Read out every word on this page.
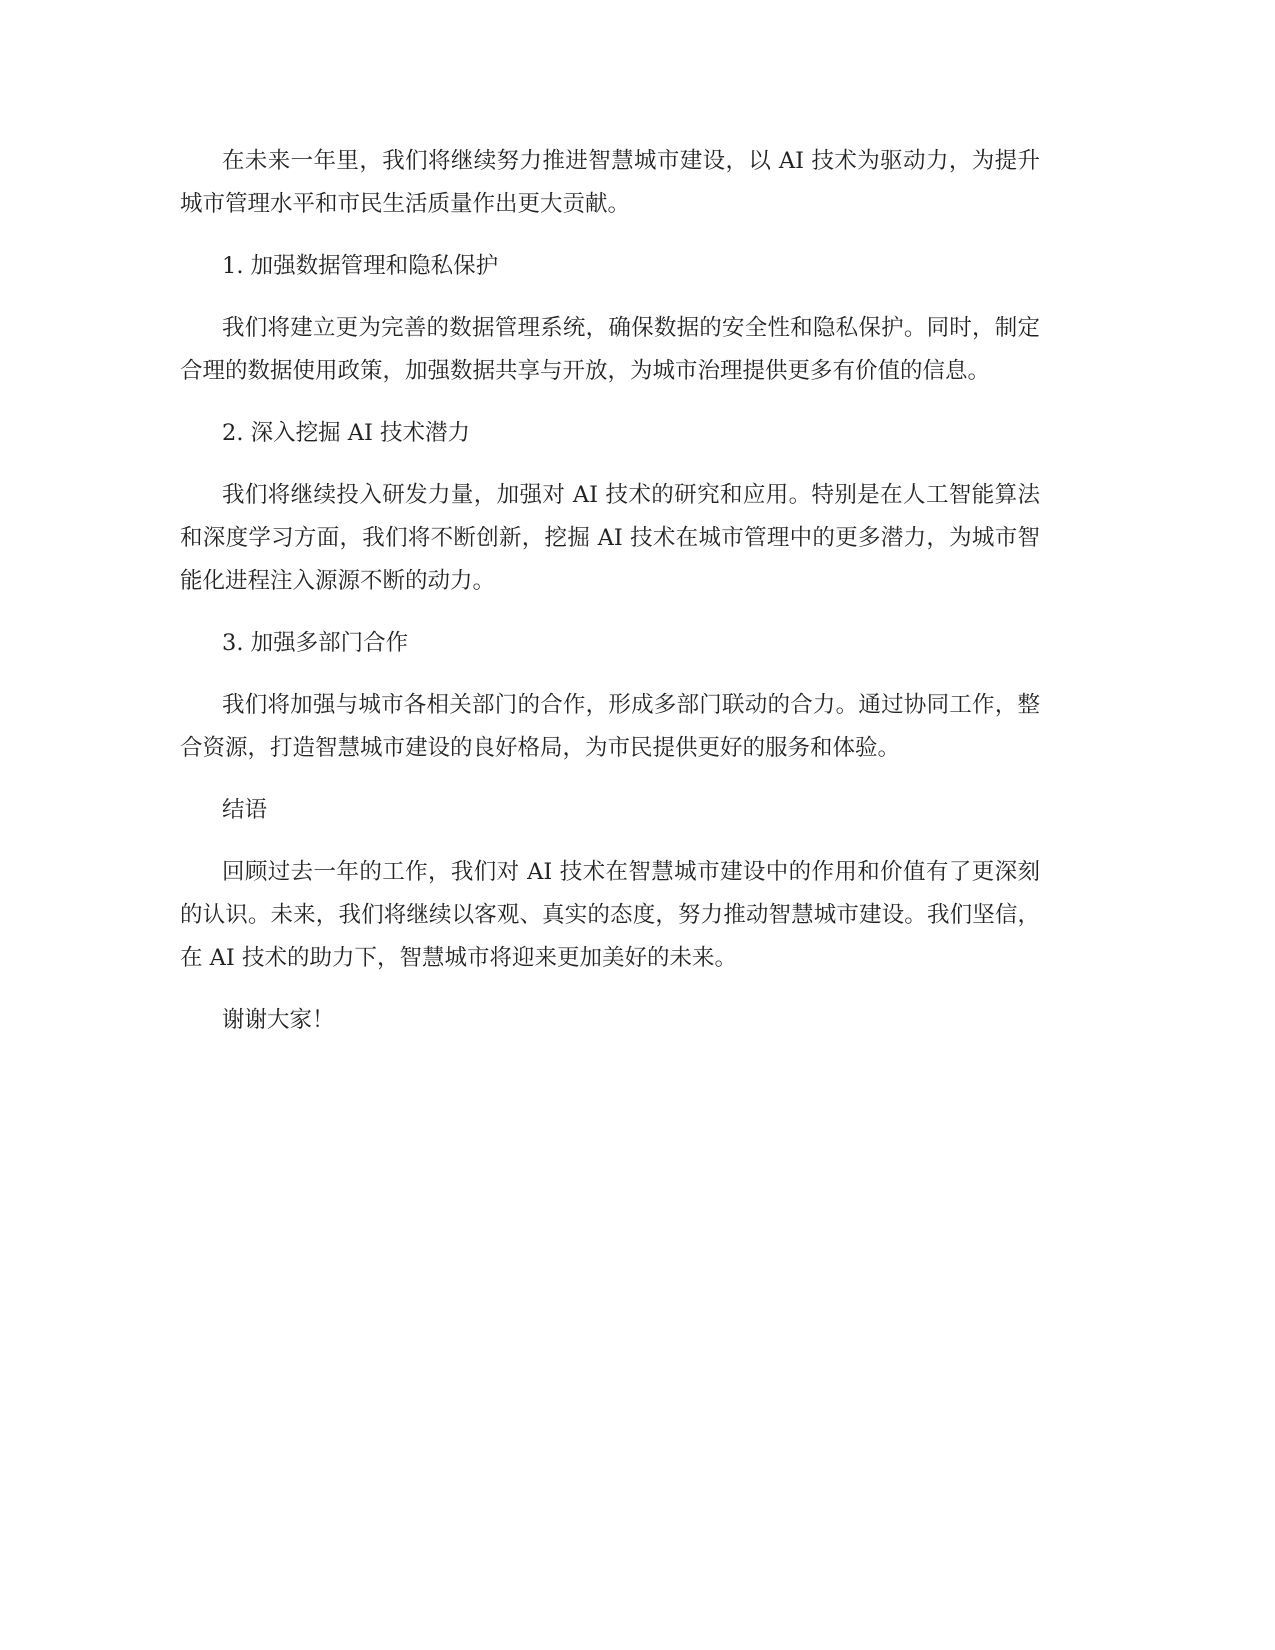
在未来一年里，我们将继续努力推进智慧城市建设，以 AI 技术为驱动力，为提升城市管理水平和市民生活质量作出更大贡献。

1. 加强数据管理和隐私保护

我们将建立更为完善的数据管理系统，确保数据的安全性和隐私保护。同时，制定合理的数据使用政策，加强数据共享与开放，为城市治理提供更多有价值的信息。

2. 深入挖掘 AI 技术潜力

我们将继续投入研发力量，加强对 AI 技术的研究和应用。特别是在人工智能算法和深度学习方面，我们将不断创新，挖掘 AI 技术在城市管理中的更多潜力，为城市智能化进程注入源源不断的动力。

3. 加强多部门合作

我们将加强与城市各相关部门的合作，形成多部门联动的合力。通过协同工作，整合资源，打造智慧城市建设的良好格局，为市民提供更好的服务和体验。

结语

回顾过去一年的工作，我们对 AI 技术在智慧城市建设中的作用和价值有了更深刻的认识。未来，我们将继续以客观、真实的态度，努力推动智慧城市建设。我们坚信，在 AI 技术的助力下，智慧城市将迎来更加美好的未来。

谢谢大家！
